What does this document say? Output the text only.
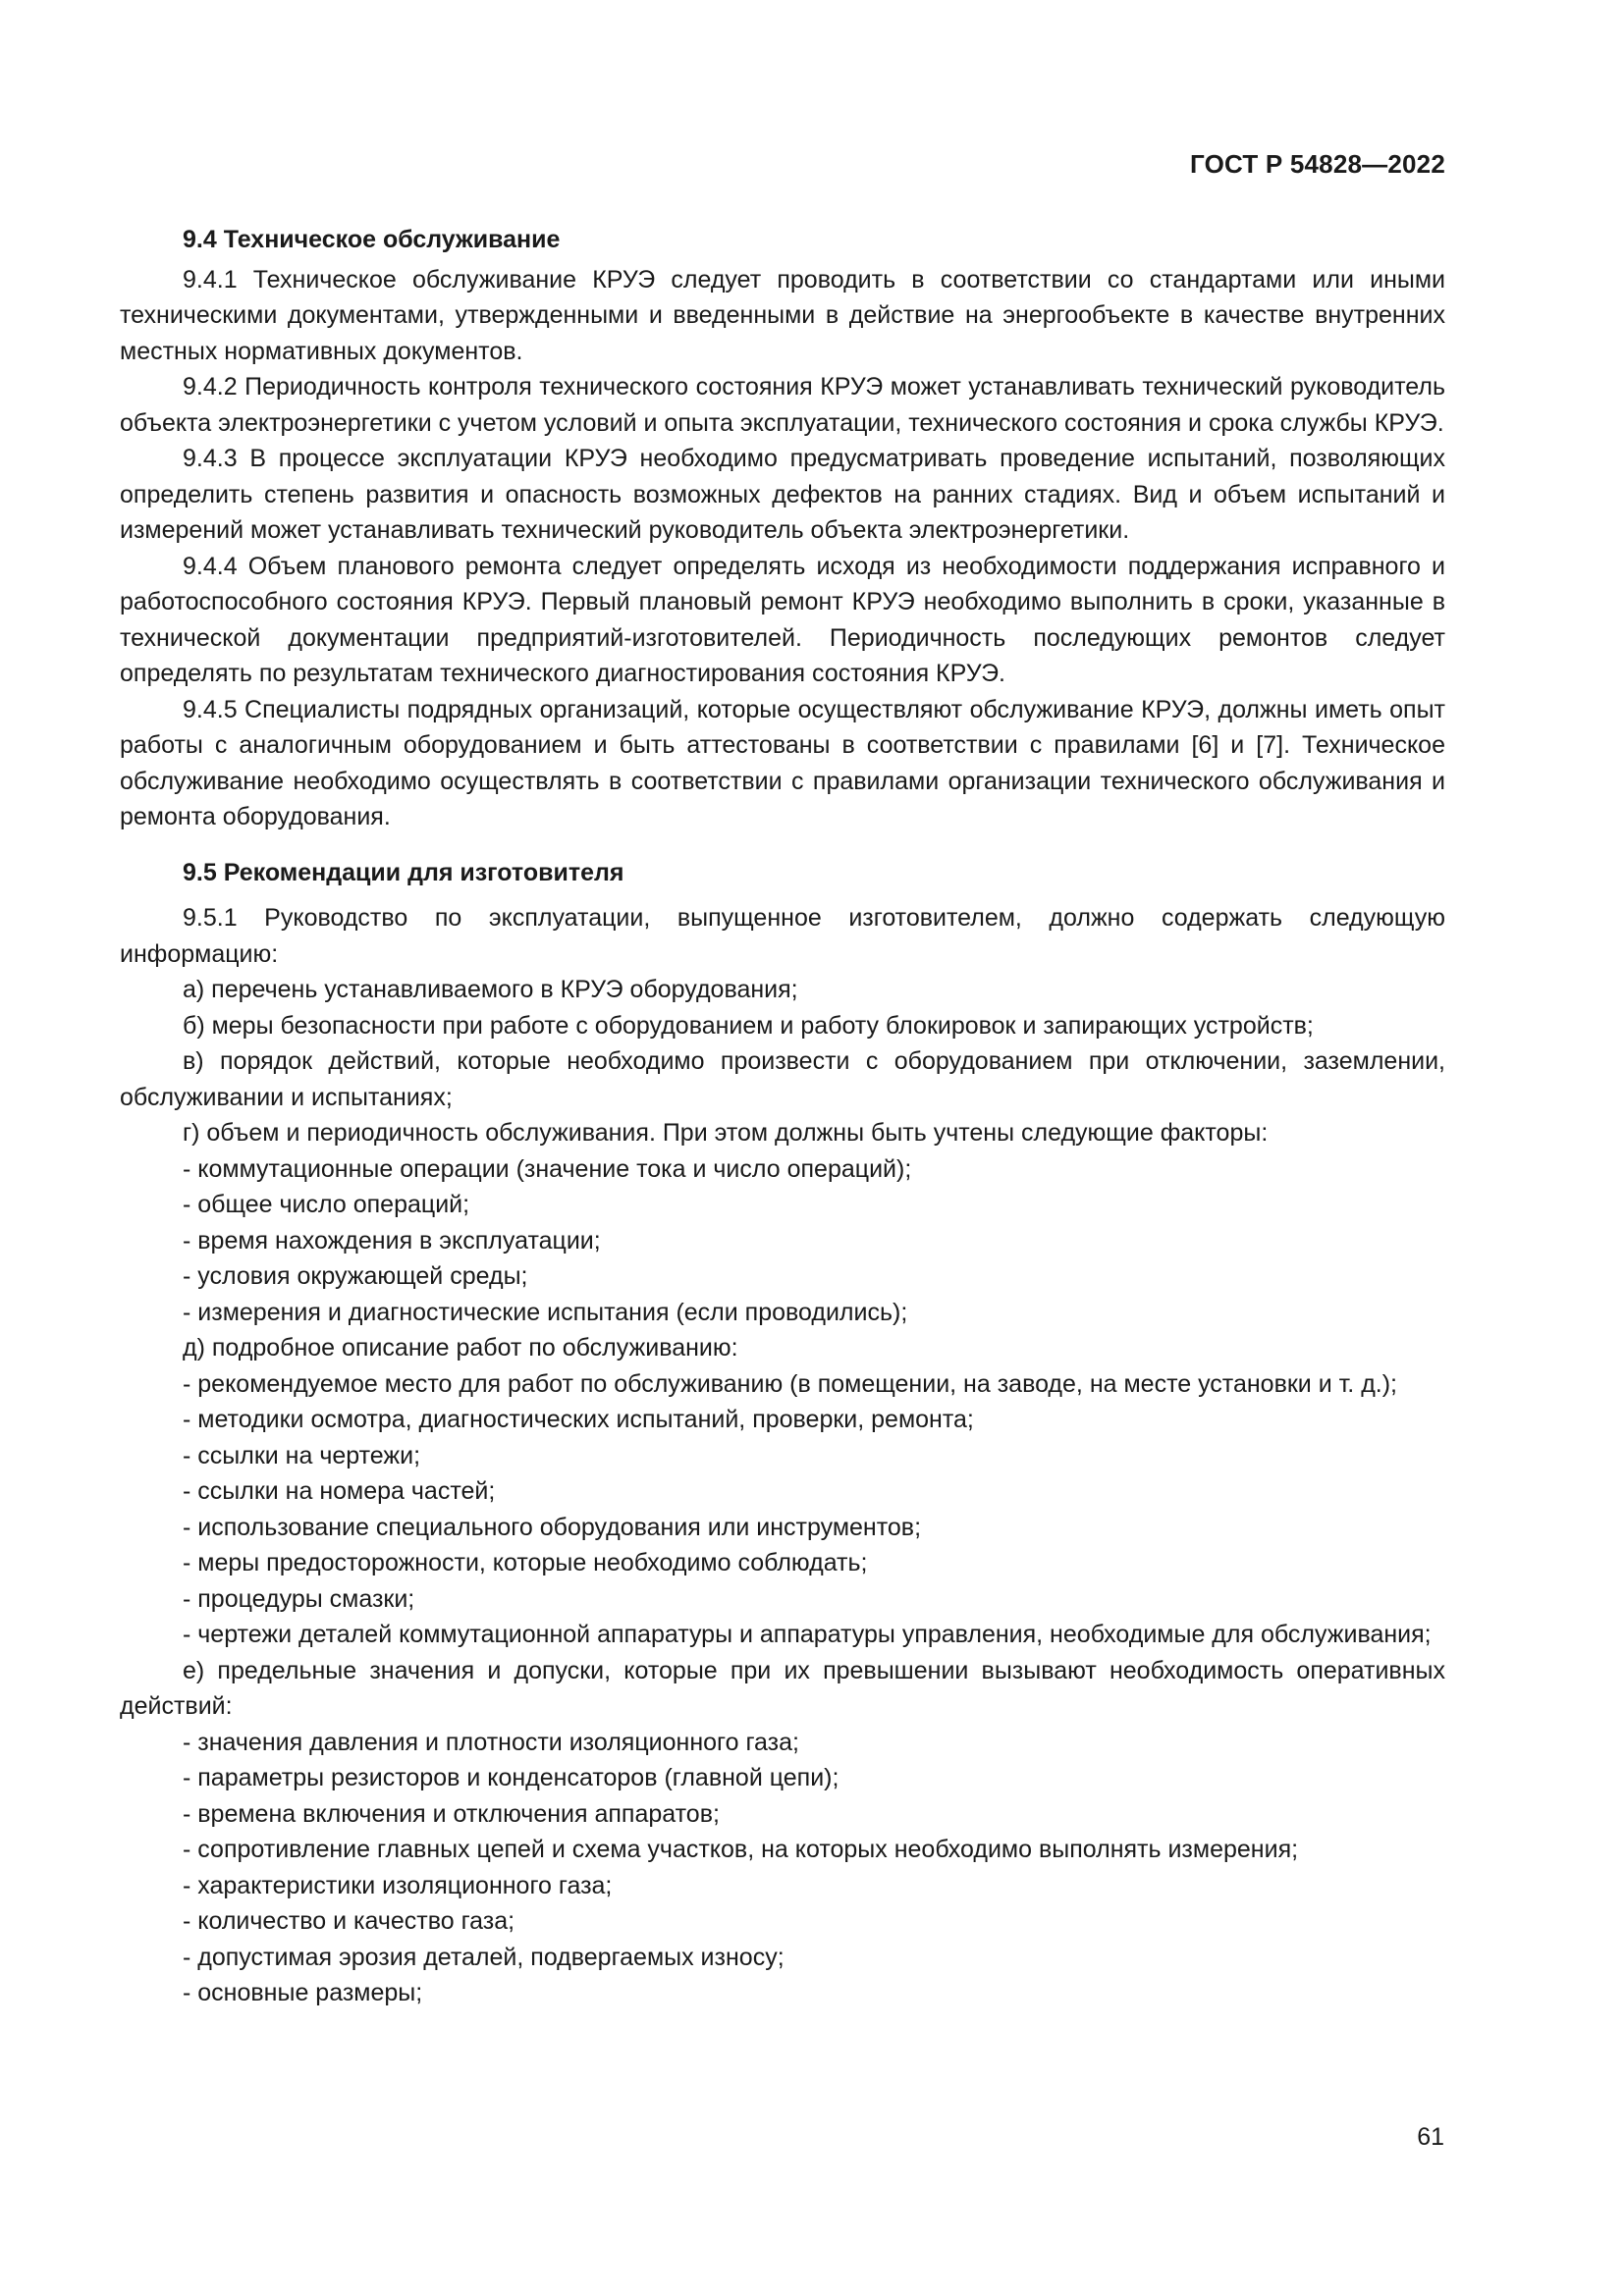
ГОСТ Р 54828—2022

9.4 Техническое обслуживание

9.4.1 Техническое обслуживание КРУЭ следует проводить в соответствии со стандартами или иными техническими документами, утвержденными и введенными в действие на энергообъекте в качестве внутренних местных нормативных документов.

9.4.2 Периодичность контроля технического состояния КРУЭ может устанавливать технический руководитель объекта электроэнергетики с учетом условий и опыта эксплуатации, технического состояния и срока службы КРУЭ.

9.4.3 В процессе эксплуатации КРУЭ необходимо предусматривать проведение испытаний, позволяющих определить степень развития и опасность возможных дефектов на ранних стадиях. Вид и объем испытаний и измерений может устанавливать технический руководитель объекта электроэнергетики.

9.4.4 Объем планового ремонта следует определять исходя из необходимости поддержания исправного и работоспособного состояния КРУЭ. Первый плановый ремонт КРУЭ необходимо выполнить в сроки, указанные в технической документации предприятий-изготовителей. Периодичность последующих ремонтов следует определять по результатам технического диагностирования состояния КРУЭ.

9.4.5 Специалисты подрядных организаций, которые осуществляют обслуживание КРУЭ, должны иметь опыт работы с аналогичным оборудованием и быть аттестованы в соответствии с правилами [6] и [7]. Техническое обслуживание необходимо осуществлять в соответствии с правилами организации технического обслуживания и ремонта оборудования.

9.5 Рекомендации для изготовителя

9.5.1 Руководство по эксплуатации, выпущенное изготовителем, должно содержать следующую информацию:

а) перечень устанавливаемого в КРУЭ оборудования;

б) меры безопасности при работе с оборудованием и работу блокировок и запирающих устройств;

в) порядок действий, которые необходимо произвести с оборудованием при отключении, заземлении, обслуживании и испытаниях;

г) объем и периодичность обслуживания. При этом должны быть учтены следующие факторы:

- коммутационные операции (значение тока и число операций);

- общее число операций;

- время нахождения в эксплуатации;

- условия окружающей среды;

- измерения и диагностические испытания (если проводились);

д) подробное описание работ по обслуживанию:

- рекомендуемое место для работ по обслуживанию (в помещении, на заводе, на месте установки и т. д.);

- методики осмотра, диагностических испытаний, проверки, ремонта;

- ссылки на чертежи;

- ссылки на номера частей;

- использование специального оборудования или инструментов;

- меры предосторожности, которые необходимо соблюдать;

- процедуры смазки;

- чертежи деталей коммутационной аппаратуры и аппаратуры управления, необходимые для обслуживания;

е) предельные значения и допуски, которые при их превышении вызывают необходимость оперативных действий:

- значения давления и плотности изоляционного газа;

- параметры резисторов и конденсаторов (главной цепи);

- времена включения и отключения аппаратов;

- сопротивление главных цепей и схема участков, на которых необходимо выполнять измерения;

- характеристики изоляционного газа;

- количество и качество газа;

- допустимая эрозия деталей, подвергаемых износу;

- основные размеры;

61
